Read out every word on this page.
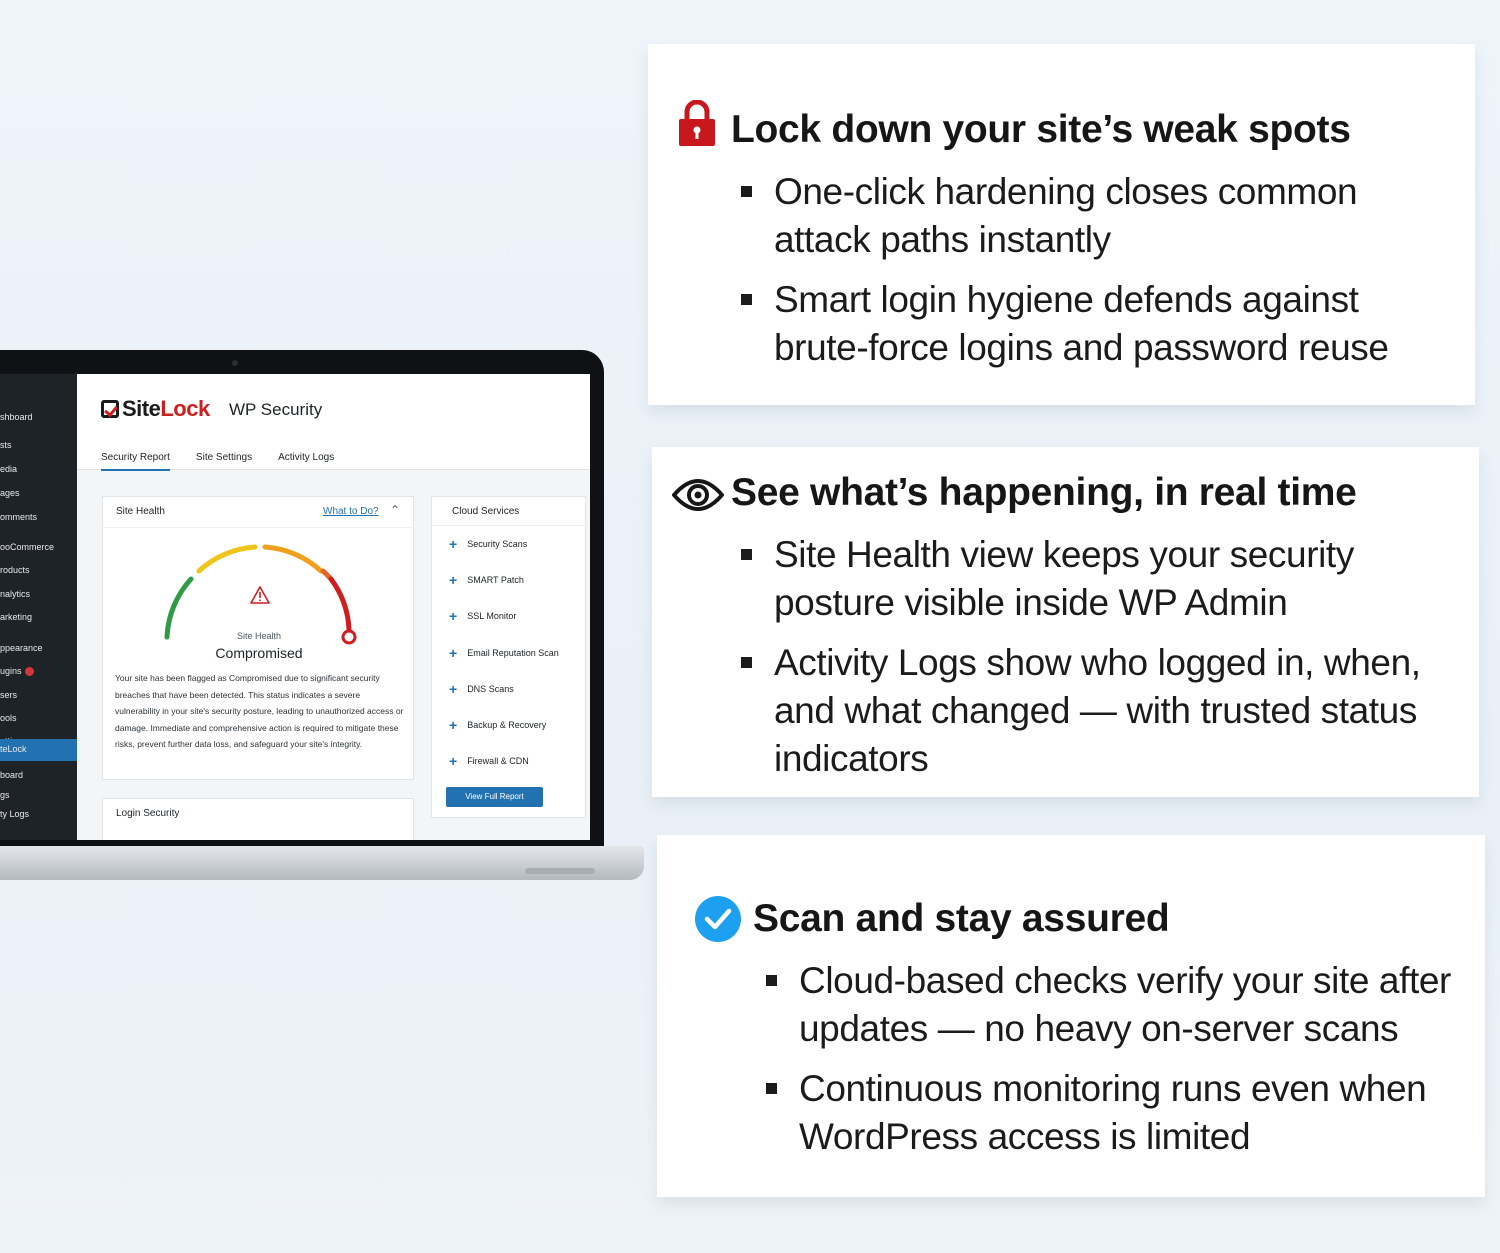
shboard
sts
edia
ages
omments
ooCommerce
roducts
nalytics
arketing
ppearance
ugins
sers
ools
teLock
board
gs
ty Logs
Site Lock WP Security
Security Report	Site Settings	Activity Logs
Site Health	What to Do? ⌃
Site Health
Compromised
Your site has been flagged as Compromised due to significant security breaches that have been detected. This status indicates a severe vulnerability in your site's security posture, leading to unauthorized access or damage. Immediate and comprehensive action is required to mitigate these risks, prevent further data loss, and safeguard your site's integrity.
Login Security
Cloud Services
+ Security Scans
+ SMART Patch
+ SSL Monitor
+ Email Reputation Scan
+ DNS Scans
+ Backup & Recovery
+ Firewall & CDN
View Full Report
Lock down your site’s weak spots
One-click hardening closes common attack paths instantly
Smart login hygiene defends against brute-force logins and password reuse
See what’s happening, in real time
Site Health view keeps your security posture visible inside WP Admin
Activity Logs show who logged in, when, and what changed — with trusted status indicators
Scan and stay assured
Cloud-based checks verify your site after updates — no heavy on-server scans
Continuous monitoring runs even when WordPress access is limited
